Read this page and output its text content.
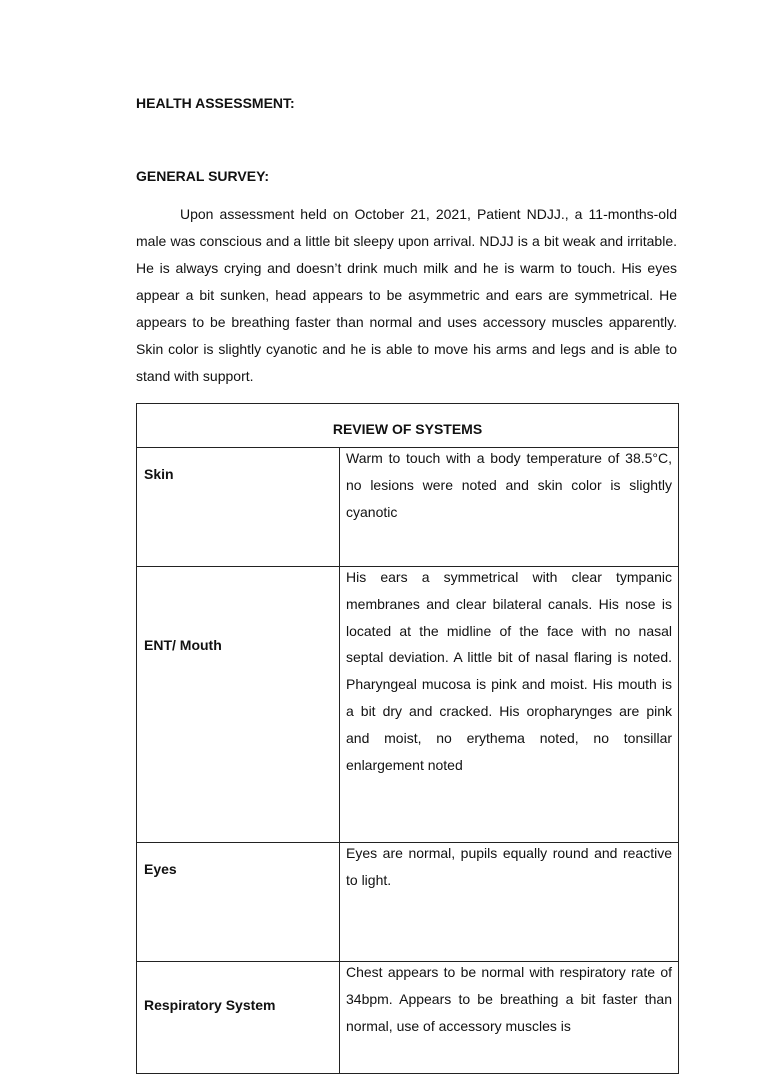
HEALTH ASSESSMENT:
GENERAL SURVEY:

Upon assessment held on October 21, 2021, Patient NDJJ., a 11-months-old male was conscious and a little bit sleepy upon arrival. NDJJ is a bit weak and irritable. He is always crying and doesn’t drink much milk and he is warm to touch. His eyes appear a bit sunken, head appears to be asymmetric and ears are symmetrical. He appears to be breathing faster than normal and uses accessory muscles apparently. Skin color is slightly cyanotic and he is able to move his arms and legs and is able to stand with support.

REVIEW OF SYSTEMS	
Skin	Warm to touch with a body temperature of 38.5°C, no lesions were noted and skin color is slightly cyanotic

ENT/ Mouth	His ears a symmetrical with clear tympanic membranes and clear bilateral canals. His nose is located at the midline of the face with no nasal septal deviation. A little bit of nasal flaring is noted. Pharyngeal mucosa is pink and moist. His mouth is a bit dry and cracked. His oropharynges are pink and moist, no erythema noted, no tonsillar enlargement noted

Eyes	Eyes are normal, pupils equally round and reactive to light.

Respiratory System	Chest appears to be normal with respiratory rate of 34bpm. Appears to be breathing a bit faster than normal, use of accessory muscles is
